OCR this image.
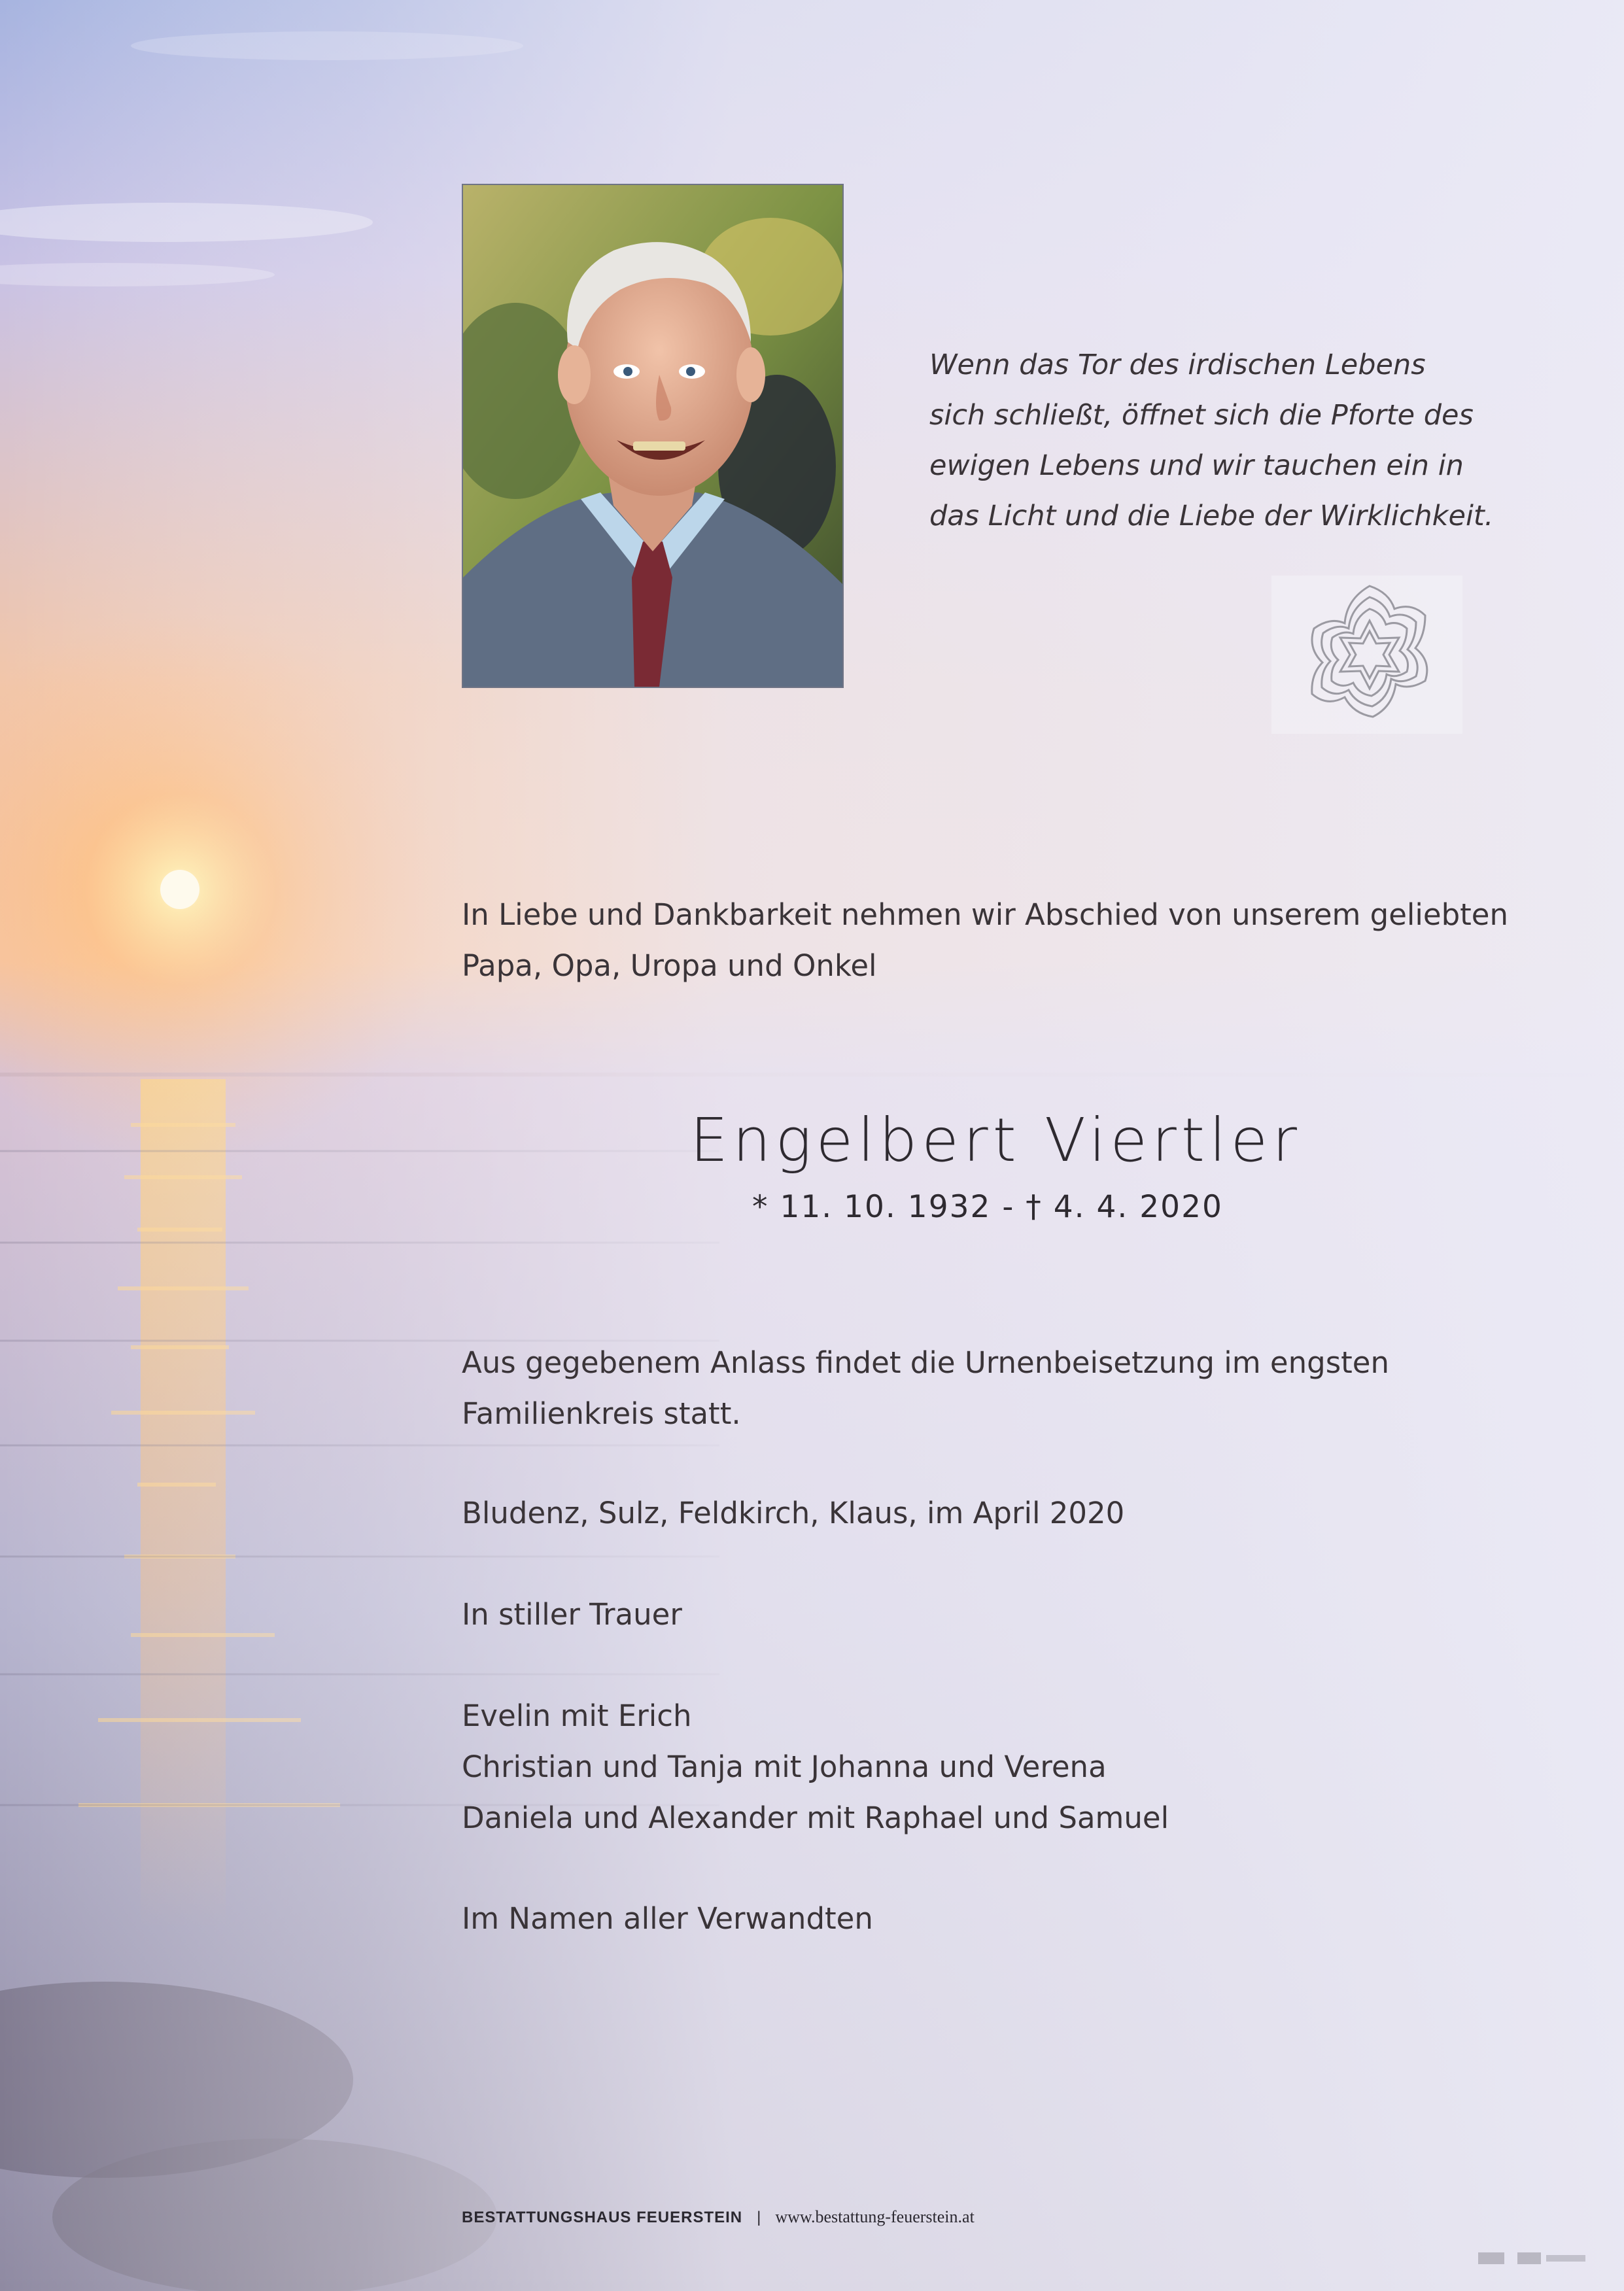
Wenn das Tor des irdischen Lebens
sich schließt, öffnet sich die Pforte des
ewigen Lebens und wir tauchen ein in
das Licht und die Liebe der Wirklichkeit.
In Liebe und Dankbarkeit nehmen wir Abschied von unserem geliebten
Papa, Opa, Uropa und Onkel
Engelbert Viertler
* 11. 10. 1932 - † 4. 4. 2020
Aus gegebenem Anlass findet die Urnenbeisetzung im engsten
Familienkreis statt.
Bludenz, Sulz, Feldkirch, Klaus, im April 2020
In stiller Trauer
Evelin mit Erich
Christian und Tanja mit Johanna und Verena
Daniela und Alexander mit Raphael und Samuel
Im Namen aller Verwandten
BESTATTUNGSHAUS FEUERSTEIN | www.bestattung-feuerstein.at
